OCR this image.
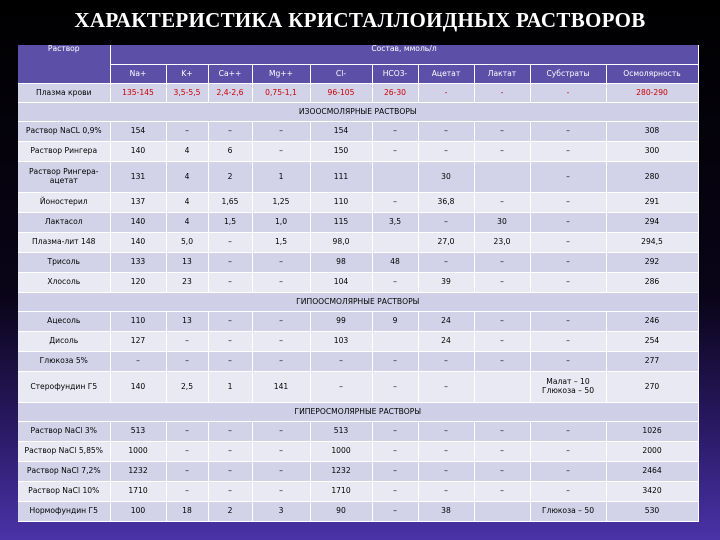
ХАРАКТЕРИСТИКА КРИСТАЛЛОИДНЫХ РАСТВОРОВ
Раствор	Состав, ммоль/л									
	Na+	K+	Ca++	Mg++	Cl-	HCO3-	Ацетат	Лактат	Субстраты	Осмолярность
Плазма крови	135-145	3,5-5,5	2,4-2,6	0,75-1,1	96-105	26-30	-	-	-	280-290
ИЗООСМОЛЯРНЫЕ РАСТВОРЫ										
Раствор NaCL 0,9%	154	–	–	–	154	–	–	–	–	308
Раствор Рингера	140	4	6	–	150	–	–	–	–	300
Раствор Рингера-ацетат	131	4	2	1	111		30		–	280
Йоностерил	137	4	1,65	1,25	110	–	36,8	–	–	291
Лактасол	140	4	1,5	1,0	115	3,5	–	30	–	294
Плазма-лит 148	140	5,0	–	1,5	98,0		27,0	23,0	–	294,5
Трисоль	133	13	–	–	98	48	–	–	–	292
Хлосоль	120	23	–	–	104	–	39	–	–	286
ГИПООСМОЛЯРНЫЕ РАСТВОРЫ										
Ацесоль	110	13	–	–	99	9	24	–	–	246
Дисоль	127	–	–	–	103		24	–	–	254
Глюкоза 5%	–	–	–	–	–	–	–	–	–	277
Стерофундин Г5	140	2,5	1	141	–	–	–		Малат – 10 Глюкоза – 50	270
ГИПЕРОСМОЛЯРНЫЕ РАСТВОРЫ										
Раствор NaCl 3%	513	–	–	–	513	–	–	–	–	1026
Раствор NaCl 5,85%	1000	–	–	–	1000	–	–	–	–	2000
Раствор NaCl 7,2%	1232	–	–	–	1232	–	–	–	–	2464
Раствор NaCl 10%	1710	–	–	–	1710	–	–	–	–	3420
Нормофундин Г5	100	18	2	3	90	–	38		Глюкоза – 50	530
